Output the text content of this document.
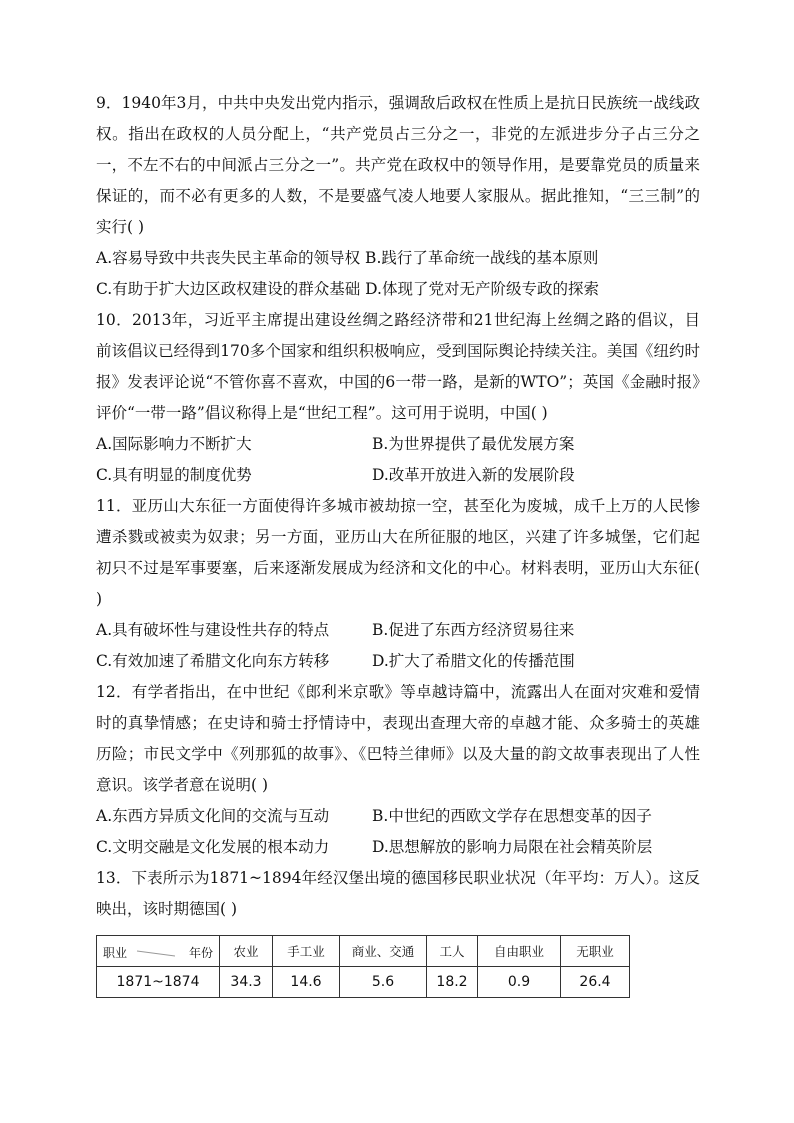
9．1940年3月，中共中央发出党内指示，强调敌后政权在性质上是抗日民族统一战线政权。指出在政权的人员分配上，“共产党员占三分之一，非党的左派进步分子占三分之一，不左不右的中间派占三分之一”。共产党在政权中的领导作用，是要靠党员的质量来保证的，而不必有更多的人数，不是要盛气凌人地要人家服从。据此推知，“三三制”的实行( )

A.容易导致中共丧失民主革命的领导权 B.践行了革命统一战线的基本原则

C.有助于扩大边区政权建设的群众基础 D.体现了党对无产阶级专政的探索

10．2013年，习近平主席提出建设丝绸之路经济带和21世纪海上丝绸之路的倡议，目前该倡议已经得到170多个国家和组织积极响应，受到国际舆论持续关注。美国《纽约时报》发表评论说“不管你喜不喜欢，中国的6一带一路，是新的WTO”；英国《金融时报》评价“一带一路”倡议称得上是“世纪工程”。这可用于说明，中国( )

A.国际影响力不断扩大	B.为世界提供了最优发展方案
C.具有明显的制度优势	D.改革开放进入新的发展阶段

11．亚历山大东征一方面使得许多城市被劫掠一空，甚至化为废城，成千上万的人民惨遭杀戮或被卖为奴隶；另一方面，亚历山大在所征服的地区，兴建了许多城堡，它们起初只不过是军事要塞，后来逐渐发展成为经济和文化的中心。材料表明，亚历山大东征( )

A.具有破坏性与建设性共存的特点	B.促进了东西方经济贸易往来
C.有效加速了希腊文化向东方转移	D.扩大了希腊文化的传播范围

12．有学者指出，在中世纪《郎利米京歌》等卓越诗篇中，流露出人在面对灾难和爱情时的真挚情感；在史诗和骑士抒情诗中，表现出查理大帝的卓越才能、众多骑士的英雄历险；市民文学中《列那狐的故事》、《巴特兰律师》以及大量的韵文故事表现出了人性意识。该学者意在说明( )

A.东西方异质文化间的交流与互动	B.中世纪的西欧文学存在思想变革的因子
C.文明交融是文化发展的根本动力	D.思想解放的影响力局限在社会精英阶层

13．下表所示为1871~1894年经汉堡出境的德国移民职业状况（年平均：万人）。这反映出，该时期德国( )

职业 年份	农业	手工业	商业、交通	工人	自由职业	无职业
1871~1874	34.3	14.6	5.6	18.2	0.9	26.4
